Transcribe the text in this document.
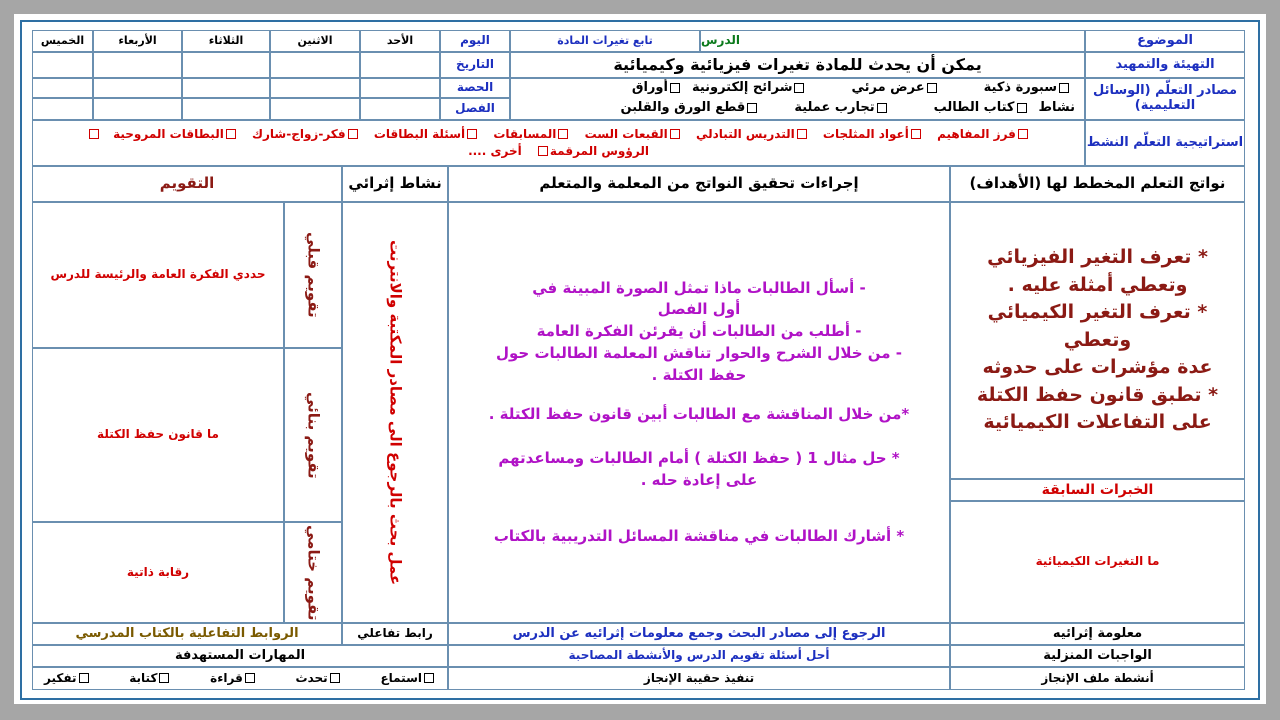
الموضوع
الدرس
تابع تغيرات المادة
اليوم
الأحد
الاثنين
الثلاثاء
الأربعاء
الخميس
التهيئة والتمهيد
يمكن أن يحدث للمادة تغيرات فيزيائية وكيميائية
التاريخ
مصادر التعلّم (الوسائل التعليمية)
سبورة ذكية
عرض مرئي
شرائح إلكترونية
أوراق
نشاط
كتاب الطالب
تجارب عملية
قطع الورق والقلبن
الحصة
الفصل
استراتيجية التعلّم النشط
فرز المفاهيم أعواد المثلجات التدريس التبادلي القبعات الست المسابقات أسئلة البطاقات فكر-زواج-شارك البطاقات المروحية
الرؤوس المرقمة أخرى ....
نواتج التعلم المخطط لها (الأهداف)
إجراءات تحقيق النواتج من المعلمة والمتعلم
نشاط إثرائي
التقويم

* تعرف التغير الفيزيائي

وتعطي أمثلة عليه .

* تعرف التغير الكيميائي وتعطي

عدة مؤشرات على حدوثه

* تطبق قانون حفظ الكتلة

على التفاعلات الكيميائية

الخبرات السابقة
ما التغيرات الكيميائية

- أسأل الطالبات ماذا تمثل الصورة المبينة في

أول الفصل

- أطلب من الطالبات أن يقرئن الفكرة العامة

- من خلال الشرح والحوار تناقش المعلمة الطالبات حول

حفظ الكتلة .

*من خلال المناقشة مع الطالبات أبين قانون حفظ الكتلة .

* حل مثال 1 ( حفظ الكتلة ) أمام الطالبات ومساعدتهم

على إعادة حله .

* أشارك الطالبات في مناقشة المسائل التدريبية بالكتاب

عمل بحث بالرجوع الى مصادر المكتبة والانترنت
تقويم قبلي
حددي الفكرة العامة والرئيسة للدرس
تقويم بنائي
ما قانون حفظ الكتلة
تقويم ختامي
رقابة ذاتية
معلومة إثرائيه
الرجوع إلى مصادر البحث وجمع معلومات إثرائيه عن الدرس
رابط تفاعلي
الروابط التفاعلية بالكتاب المدرسي
الواجبات المنزلية
أحل أسئلة تقويم الدرس والأنشطة المصاحبة
المهارات المستهدفة
أنشطة ملف الإنجاز
تنفيذ حقيبة الإنجاز
استماع
تحدث
قراءة
كتابة
تفكير
